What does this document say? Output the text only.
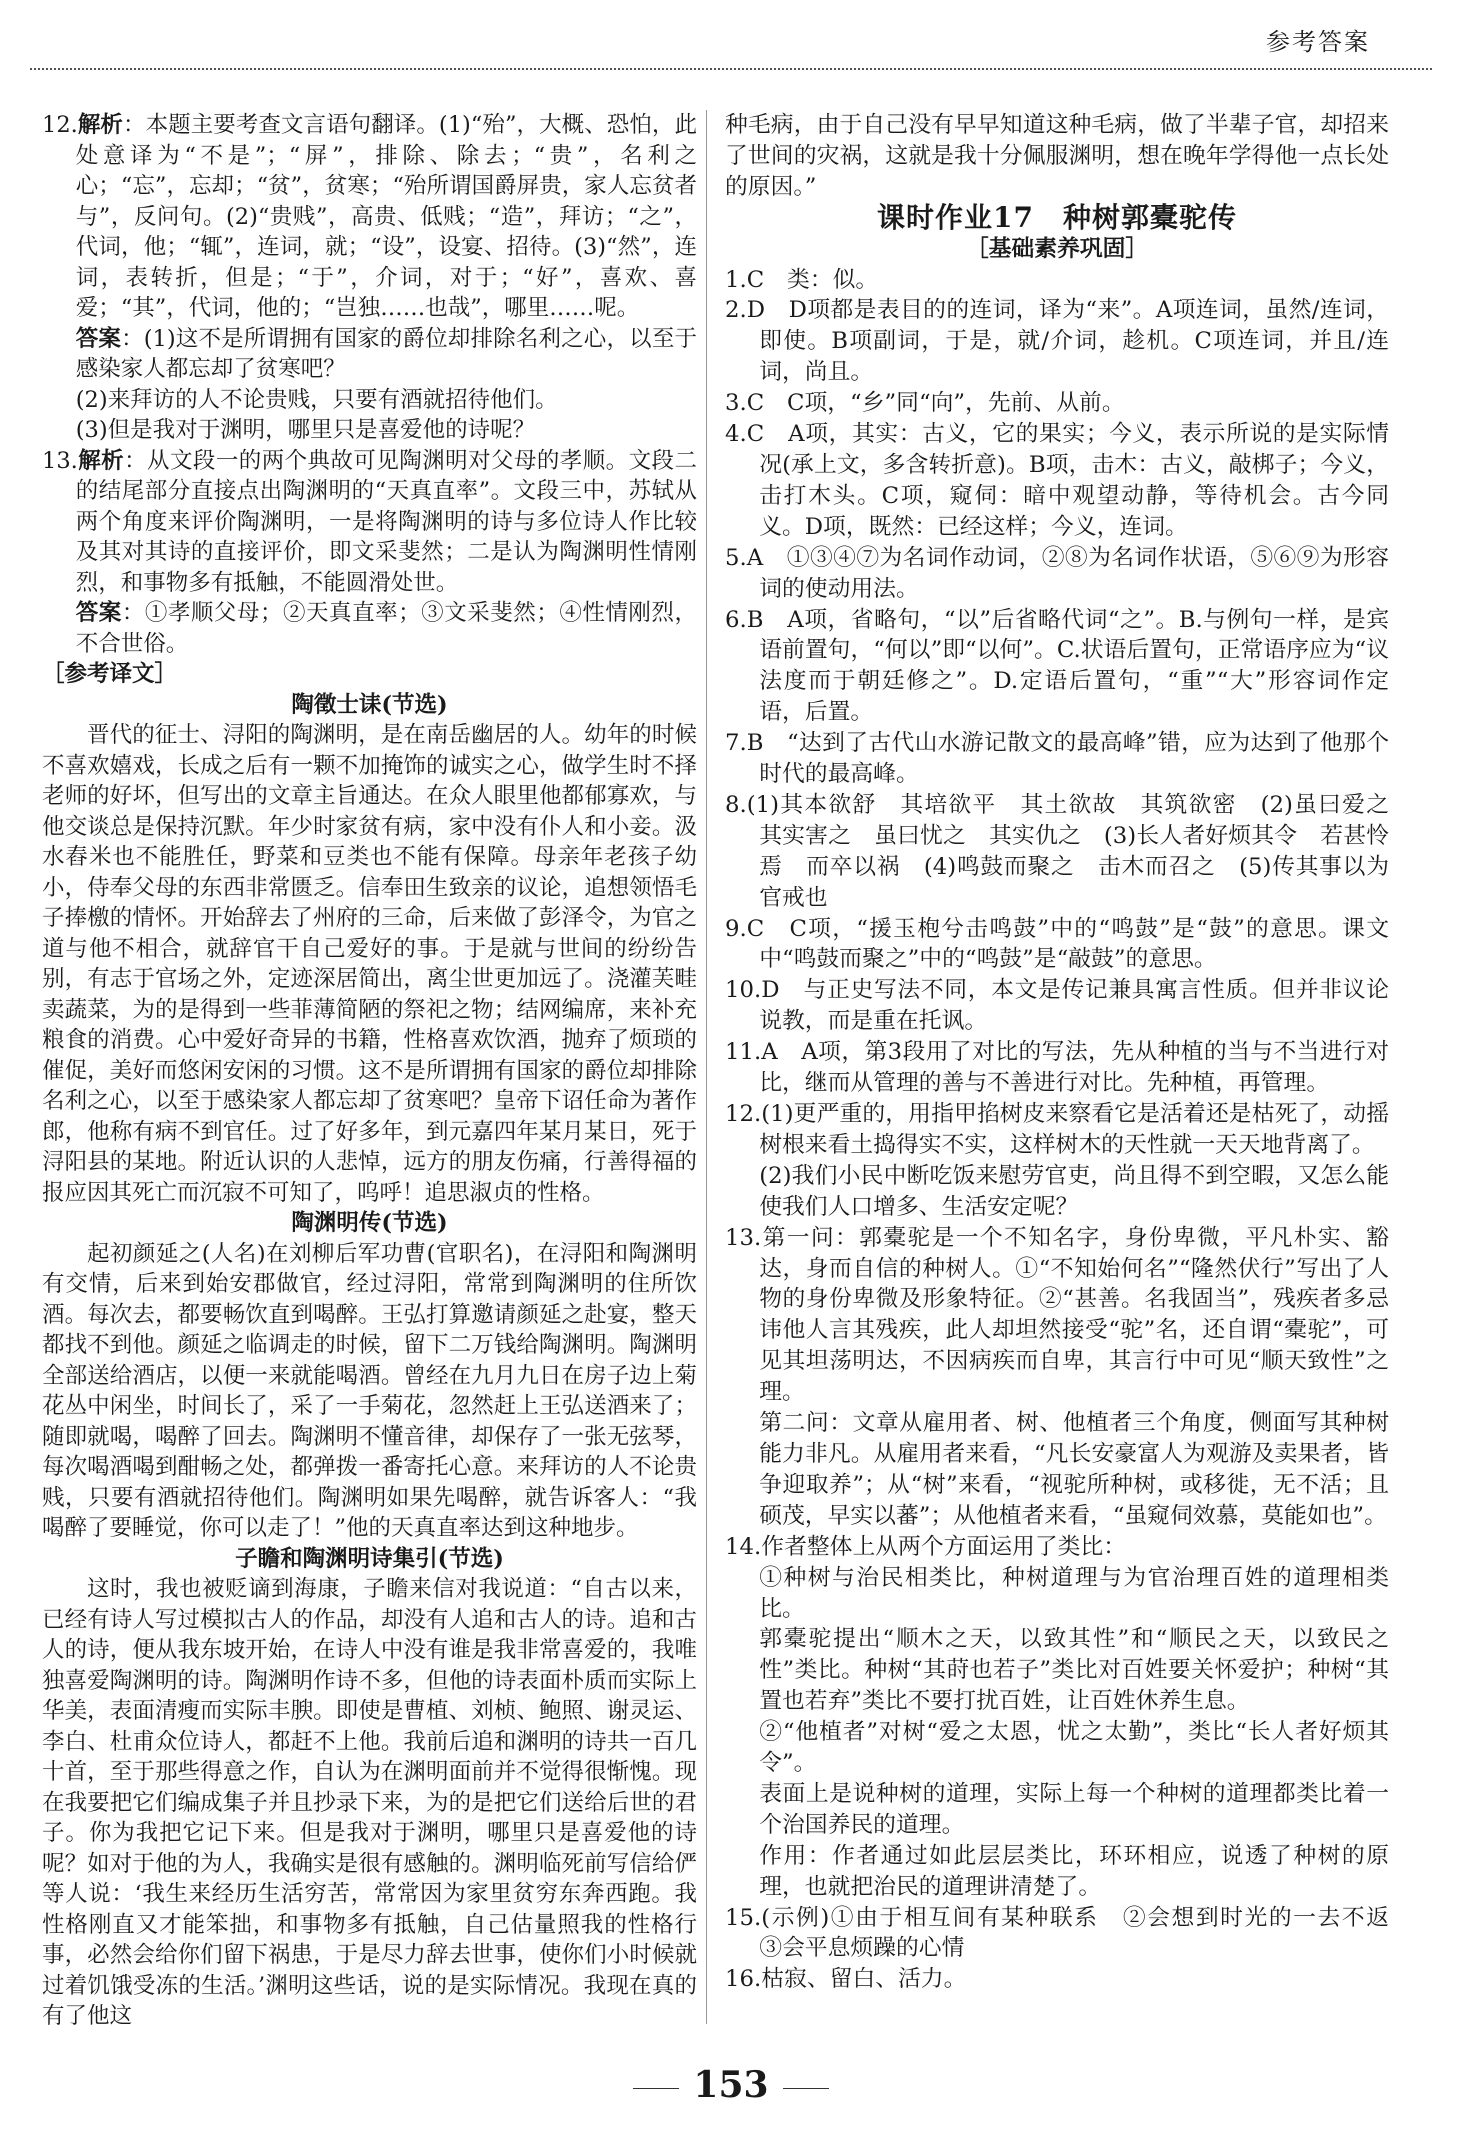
参考答案

12.解析：本题主要考查文言语句翻译。(1)“殆”，大概、恐怕，此处意译为“不是”；“屏”，排除、除去；“贵”，名利之心；“忘”，忘却；“贫”，贫寒；“殆所谓国爵屏贵，家人忘贫者与”，反问句。(2)“贵贱”，高贵、低贱；“造”，拜访；“之”，代词，他；“辄”，连词，就；“设”，设宴、招待。(3)“然”，连词，表转折，但是；“于”，介词，对于；“好”，喜欢、喜爱；“其”，代词，他的；“岂独……也哉”，哪里……呢。

答案：(1)这不是所谓拥有国家的爵位却排除名利之心，以至于感染家人都忘却了贫寒吧？

(2)来拜访的人不论贵贱，只要有酒就招待他们。

(3)但是我对于渊明，哪里只是喜爱他的诗呢？

13.解析：从文段一的两个典故可见陶渊明对父母的孝顺。文段二的结尾部分直接点出陶渊明的“天真直率”。文段三中，苏轼从两个角度来评价陶渊明，一是将陶渊明的诗与多位诗人作比较及其对其诗的直接评价，即文采斐然；二是认为陶渊明性情刚烈，和事物多有抵触，不能圆滑处世。

答案：①孝顺父母；②天真直率；③文采斐然；④性情刚烈，不合世俗。

［参考译文］

陶徵士诔(节选)

晋代的征士、浔阳的陶渊明，是在南岳幽居的人。幼年的时候不喜欢嬉戏，长成之后有一颗不加掩饰的诚实之心，做学生时不择老师的好坏，但写出的文章主旨通达。在众人眼里他都郁寡欢，与他交谈总是保持沉默。年少时家贫有病，家中没有仆人和小妾。汲水舂米也不能胜任，野菜和豆类也不能有保障。母亲年老孩子幼小，侍奉父母的东西非常匮乏。信奉田生致亲的议论，追想领悟毛子捧檄的情怀。开始辞去了州府的三命，后来做了彭泽令，为官之道与他不相合，就辞官干自己爱好的事。于是就与世间的纷纷告别，有志于官场之外，定迹深居简出，离尘世更加远了。浇灌芙畦卖蔬菜，为的是得到一些菲薄简陋的祭祀之物；结网编席，来补充粮食的消费。心中爱好奇异的书籍，性格喜欢饮酒，抛弃了烦琐的催促，美好而悠闲安闲的习惯。这不是所谓拥有国家的爵位却排除名利之心，以至于感染家人都忘却了贫寒吧？皇帝下诏任命为著作郎，他称有病不到官任。过了好多年，到元嘉四年某月某日，死于浔阳县的某地。附近认识的人悲悼，远方的朋友伤痛，行善得福的报应因其死亡而沉寂不可知了，呜呼！追思淑贞的性格。

陶渊明传(节选)

起初颜延之(人名)在刘柳后军功曹(官职名)，在浔阳和陶渊明有交情，后来到始安郡做官，经过浔阳，常常到陶渊明的住所饮酒。每次去，都要畅饮直到喝醉。王弘打算邀请颜延之赴宴，整天都找不到他。颜延之临调走的时候，留下二万钱给陶渊明。陶渊明全部送给酒店，以便一来就能喝酒。曾经在九月九日在房子边上菊花丛中闲坐，时间长了，采了一手菊花，忽然赶上王弘送酒来了；随即就喝，喝醉了回去。陶渊明不懂音律，却保存了一张无弦琴，每次喝酒喝到酣畅之处，都弹拨一番寄托心意。来拜访的人不论贵贱，只要有酒就招待他们。陶渊明如果先喝醉，就告诉客人：“我喝醉了要睡觉，你可以走了！”他的天真直率达到这种地步。

子瞻和陶渊明诗集引(节选)

这时，我也被贬谪到海康，子瞻来信对我说道：“自古以来，已经有诗人写过模拟古人的作品，却没有人追和古人的诗。追和古人的诗，便从我东坡开始，在诗人中没有谁是我非常喜爱的，我唯独喜爱陶渊明的诗。陶渊明作诗不多，但他的诗表面朴质而实际上华美，表面清瘦而实际丰腴。即使是曹植、刘桢、鲍照、谢灵运、李白、杜甫众位诗人，都赶不上他。我前后追和渊明的诗共一百几十首，至于那些得意之作，自认为在渊明面前并不觉得很惭愧。现在我要把它们编成集子并且抄录下来，为的是把它们送给后世的君子。你为我把它记下来。但是我对于渊明，哪里只是喜爱他的诗呢？如对于他的为人，我确实是很有感触的。渊明临死前写信给俨等人说：‘我生来经历生活穷苦，常常因为家里贫穷东奔西跑。我性格刚直又才能笨拙，和事物多有抵触，自己估量照我的性格行事，必然会给你们留下祸患，于是尽力辞去世事，使你们小时候就过着饥饿受冻的生活。’渊明这些话，说的是实际情况。我现在真的有了他这

种毛病，由于自己没有早早知道这种毛病，做了半辈子官，却招来了世间的灾祸，这就是我十分佩服渊明，想在晚年学得他一点长处的原因。”

课时作业17　种树郭橐驼传

［基础素养巩固］

1.C　类：似。

2.D　D项都是表目的的连词，译为“来”。A项连词，虽然/连词，即使。B项副词，于是，就/介词，趁机。C项连词，并且/连词，尚且。

3.C　C项，“乡”同“向”，先前、从前。

4.C　A项，其实：古义，它的果实；今义，表示所说的是实际情况(承上文，多含转折意)。B项，击木：古义，敲梆子；今义，击打木头。C项，窥伺：暗中观望动静，等待机会。古今同义。D项，既然：已经这样；今义，连词。

5.A　①③④⑦为名词作动词，②⑧为名词作状语，⑤⑥⑨为形容词的使动用法。

6.B　A项，省略句，“以”后省略代词“之”。B.与例句一样，是宾语前置句，“何以”即“以何”。C.状语后置句，正常语序应为“议法度而于朝廷修之”。D.定语后置句，“重”“大”形容词作定语，后置。

7.B　“达到了古代山水游记散文的最高峰”错，应为达到了他那个时代的最高峰。

8.(1)其本欲舒　其培欲平　其土欲故　其筑欲密　(2)虽曰爱之　其实害之　虽曰忧之　其实仇之　(3)长人者好烦其令　若甚怜焉　而卒以祸　(4)鸣鼓而聚之　击木而召之　(5)传其事以为官戒也

9.C　C项，“援玉枹兮击鸣鼓”中的“鸣鼓”是“鼓”的意思。课文中“鸣鼓而聚之”中的“鸣鼓”是“敲鼓”的意思。

10.D　与正史写法不同，本文是传记兼具寓言性质。但并非议论说教，而是重在托讽。

11.A　A项，第3段用了对比的写法，先从种植的当与不当进行对比，继而从管理的善与不善进行对比。先种植，再管理。

12.(1)更严重的，用指甲掐树皮来察看它是活着还是枯死了，动摇树根来看土捣得实不实，这样树木的天性就一天天地背离了。

(2)我们小民中断吃饭来慰劳官吏，尚且得不到空暇，又怎么能使我们人口增多、生活安定呢？

13.第一问：郭橐驼是一个不知名字，身份卑微，平凡朴实、豁达，身而自信的种树人。①“不知始何名”“隆然伏行”写出了人物的身份卑微及形象特征。②“甚善。名我固当”，残疾者多忌讳他人言其残疾，此人却坦然接受“驼”名，还自谓“橐驼”，可见其坦荡明达，不因病疾而自卑，其言行中可见“顺天致性”之理。

第二问：文章从雇用者、树、他植者三个角度，侧面写其种树能力非凡。从雇用者来看，“凡长安豪富人为观游及卖果者，皆争迎取养”；从“树”来看，“视驼所种树，或移徙，无不活；且硕茂，早实以蕃”；从他植者来看，“虽窥伺效慕，莫能如也”。

14.作者整体上从两个方面运用了类比：

①种树与治民相类比，种树道理与为官治理百姓的道理相类比。

郭橐驼提出“顺木之天，以致其性”和“顺民之天，以致民之性”类比。种树“其莳也若子”类比对百姓要关怀爱护；种树“其置也若弃”类比不要打扰百姓，让百姓休养生息。

②“他植者”对树“爱之太恩，忧之太勤”，类比“长人者好烦其令”。

表面上是说种树的道理，实际上每一个种树的道理都类比着一个治国养民的道理。

作用：作者通过如此层层类比，环环相应，说透了种树的原理，也就把治民的道理讲清楚了。

15.(示例)①由于相互间有某种联系　②会想到时光的一去不返　③会平息烦躁的心情

16.枯寂、留白、活力。

153
